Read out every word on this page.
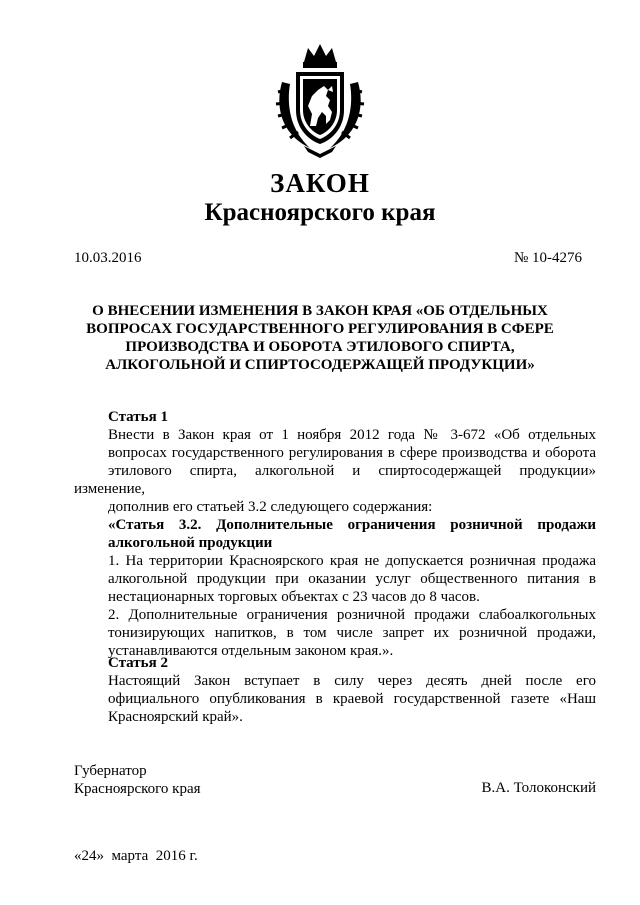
ЗАКОН
Красноярского края
10.03.2016	№ 10-4276
О ВНЕСЕНИИ ИЗМЕНЕНИЯ В ЗАКОН КРАЯ «ОБ ОТДЕЛЬНЫХ
ВОПРОСАХ ГОСУДАРСТВЕННОГО РЕГУЛИРОВАНИЯ В СФЕРЕ
ПРОИЗВОДСТВА И ОБОРОТА ЭТИЛОВОГО СПИРТА,
АЛКОГОЛЬНОЙ И СПИРТОСОДЕРЖАЩЕЙ ПРОДУКЦИИ»

Статья 1

Внести в Закон края от 1 ноября 2012 года № 3-672 «Об отдельных
вопросах государственного регулирования в сфере производства и оборота
этилового спирта, алкогольной и спиртосодержащей продукции» изменение,
дополнив его статьей 3.2 следующего содержания:

«Статья 3.2. Дополнительные ограничения розничной продажи
алкогольной продукции

1. На территории Красноярского края не допускается розничная продажа
алкогольной продукции при оказании услуг общественного питания в
нестационарных торговых объектах с 23 часов до 8 часов.

2. Дополнительные ограничения розничной продажи слабоалкогольных
тонизирующих напитков, в том числе запрет их розничной продажи,
устанавливаются отдельным законом края.».

Статья 2

Настоящий Закон вступает в силу через десять дней после его
официального опубликования в краевой государственной газете «Наш
Красноярский край».

Губернатор
Красноярского края	В.А. Толоконский
«24»  марта  2016 г.
